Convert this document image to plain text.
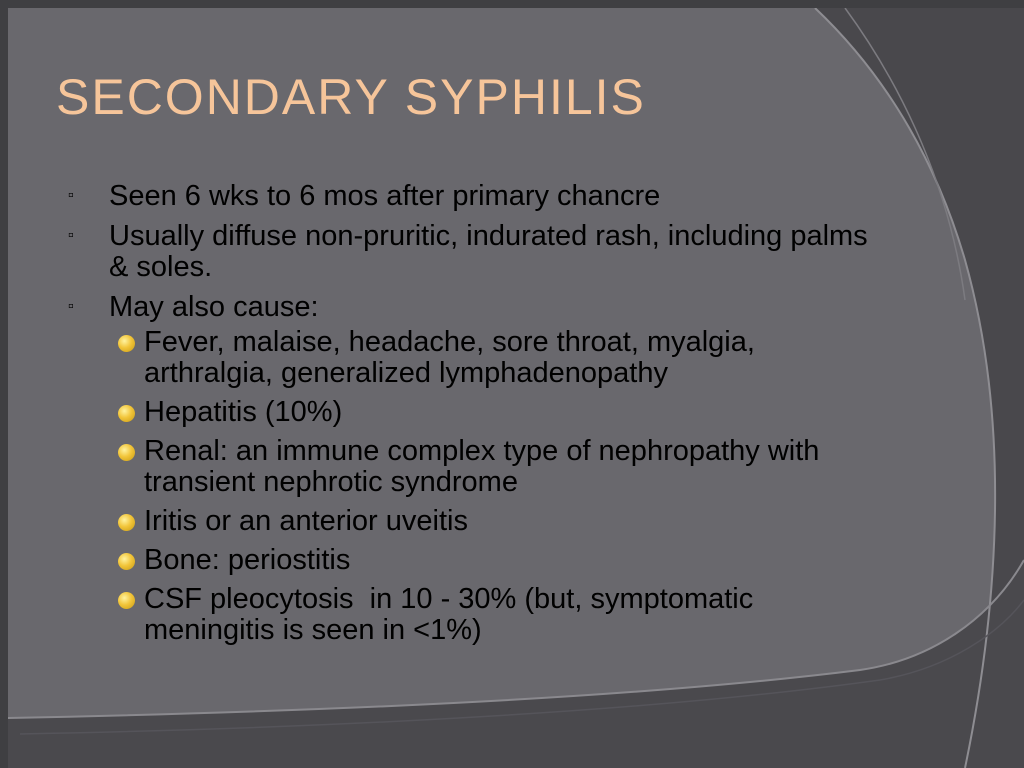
SECONDARY SYPHILIS
▫ Seen 6 wks to 6 mos after primary chancre
▫ Usually diffuse non-pruritic, indurated rash, including palms & soles.
▫ May also cause:
Fever, malaise, headache, sore throat, myalgia, arthralgia, generalized lymphadenopathy
Hepatitis (10%)
Renal: an immune complex type of nephropathy with transient nephrotic syndrome
Iritis or an anterior uveitis
Bone: periostitis
CSF pleocytosis  in 10 - 30% (but, symptomatic meningitis is seen in <1%)
